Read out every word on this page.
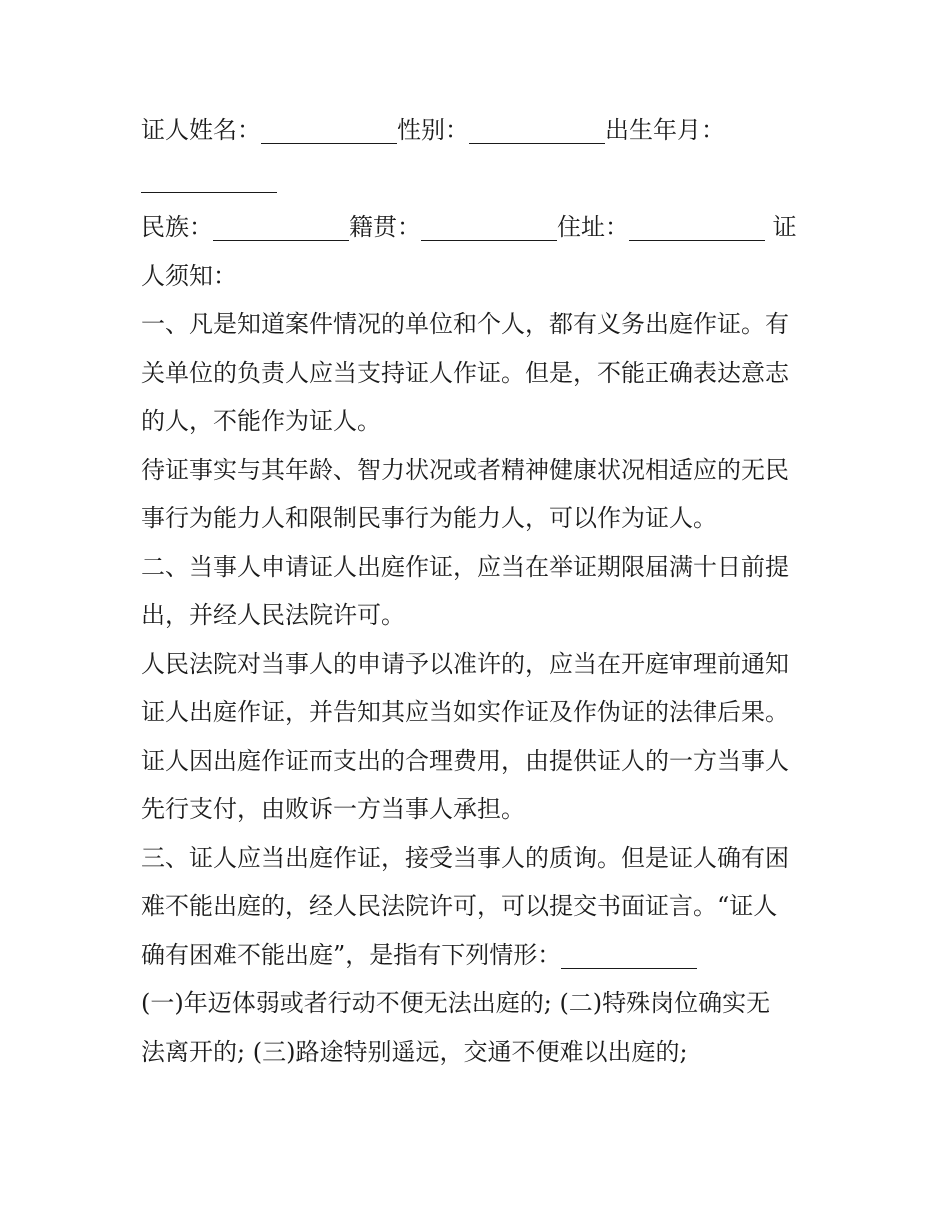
证人姓名：	性别：	出生年月：
民族：	籍贯：	住址：	证
人须知：
一、凡是知道案件情况的单位和个人，都有义务出庭作证。有
关单位的负责人应当支持证人作证。但是，不能正确表达意志
的人，不能作为证人。
待证事实与其年龄、智力状况或者精神健康状况相适应的无民
事行为能力人和限制民事行为能力人，可以作为证人。
二、当事人申请证人出庭作证，应当在举证期限届满十日前提
出，并经人民法院许可。
人民法院对当事人的申请予以准许的，应当在开庭审理前通知
证人出庭作证，并告知其应当如实作证及作伪证的法律后果。
证人因出庭作证而支出的合理费用，由提供证人的一方当事人
先行支付，由败诉一方当事人承担。
三、证人应当出庭作证，接受当事人的质询。但是证人确有困
难不能出庭的，经人民法院许可，可以提交书面证言。“证人
确有困难不能出庭”，是指有下列情形：
(一)年迈体弱或者行动不便无法出庭的; (二)特殊岗位确实无
法离开的; (三)路途特别遥远，交通不便难以出庭的;
